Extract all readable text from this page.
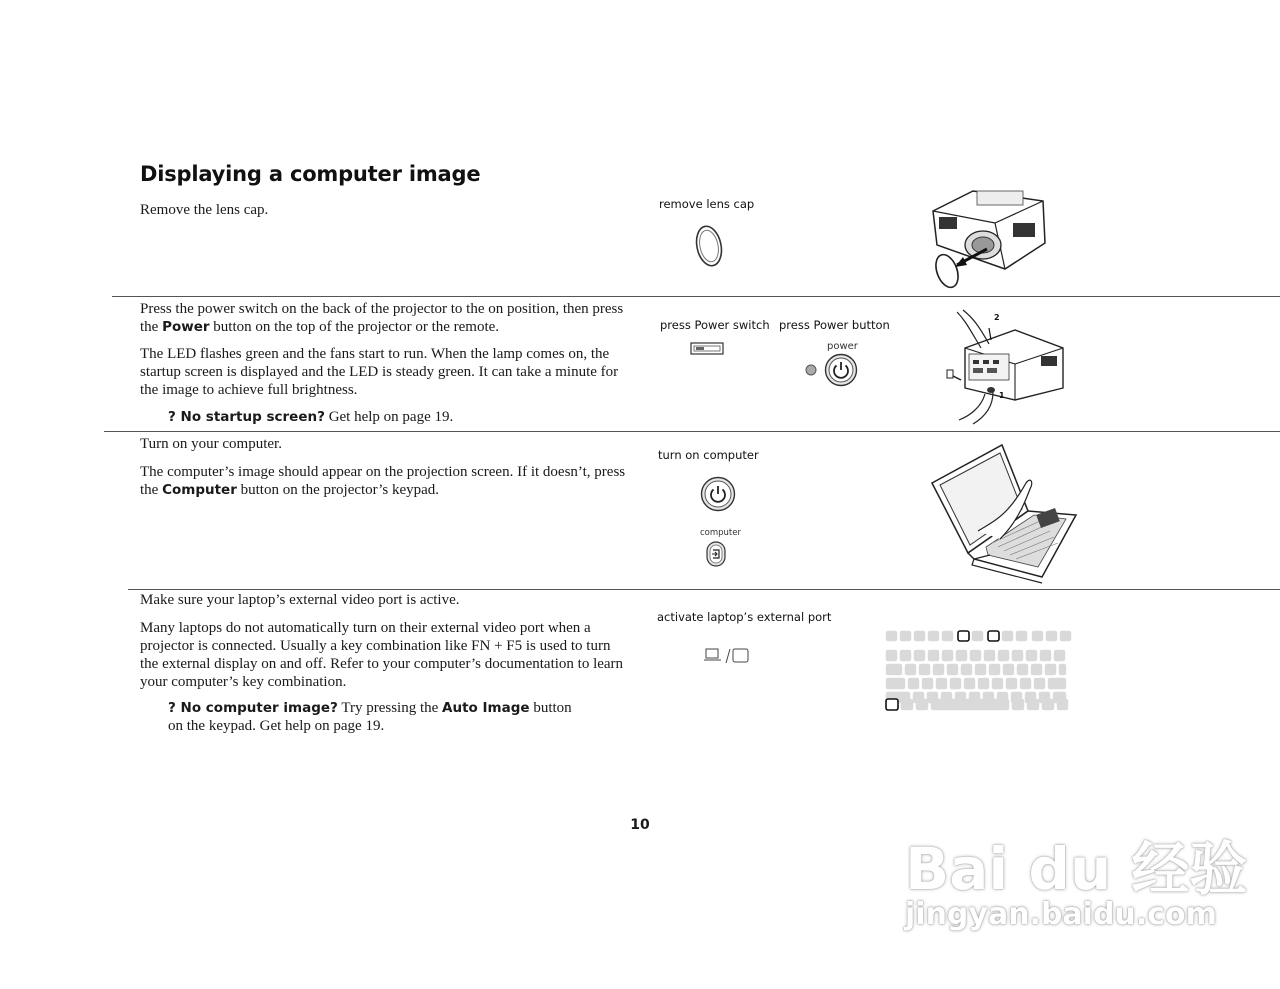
Displaying a computer image

Remove the lens cap.	remove lens cap

Press the power switch on the back of the projector to the on position, then press the Power button on the top of the projector or the remote.

The LED flashes green and the fans start to run. When the lamp comes on, the startup screen is displayed and the LED is steady green. It can take a minute for the image to achieve full brightness.

? No startup screen? Get help on page 19.

press Power switch press Power button
power
2
1

Turn on your computer.

The computer’s image should appear on the projection screen. If it doesn’t, press the Computer button on the projector’s keypad.

turn on computer
computer

Make sure your laptop’s external video port is active.

Many laptops do not automatically turn on their external video port when a projector is connected. Usually a key combination like FN + F5 is used to turn the external display on and off. Refer to your computer’s documentation to learn your computer’s key combination.

? No computer image? Try pressing the Auto Image button on the keypad. Get help on page 19.

activate laptop’s external port
10
Bai du 经验
jingyan.baidu.com
